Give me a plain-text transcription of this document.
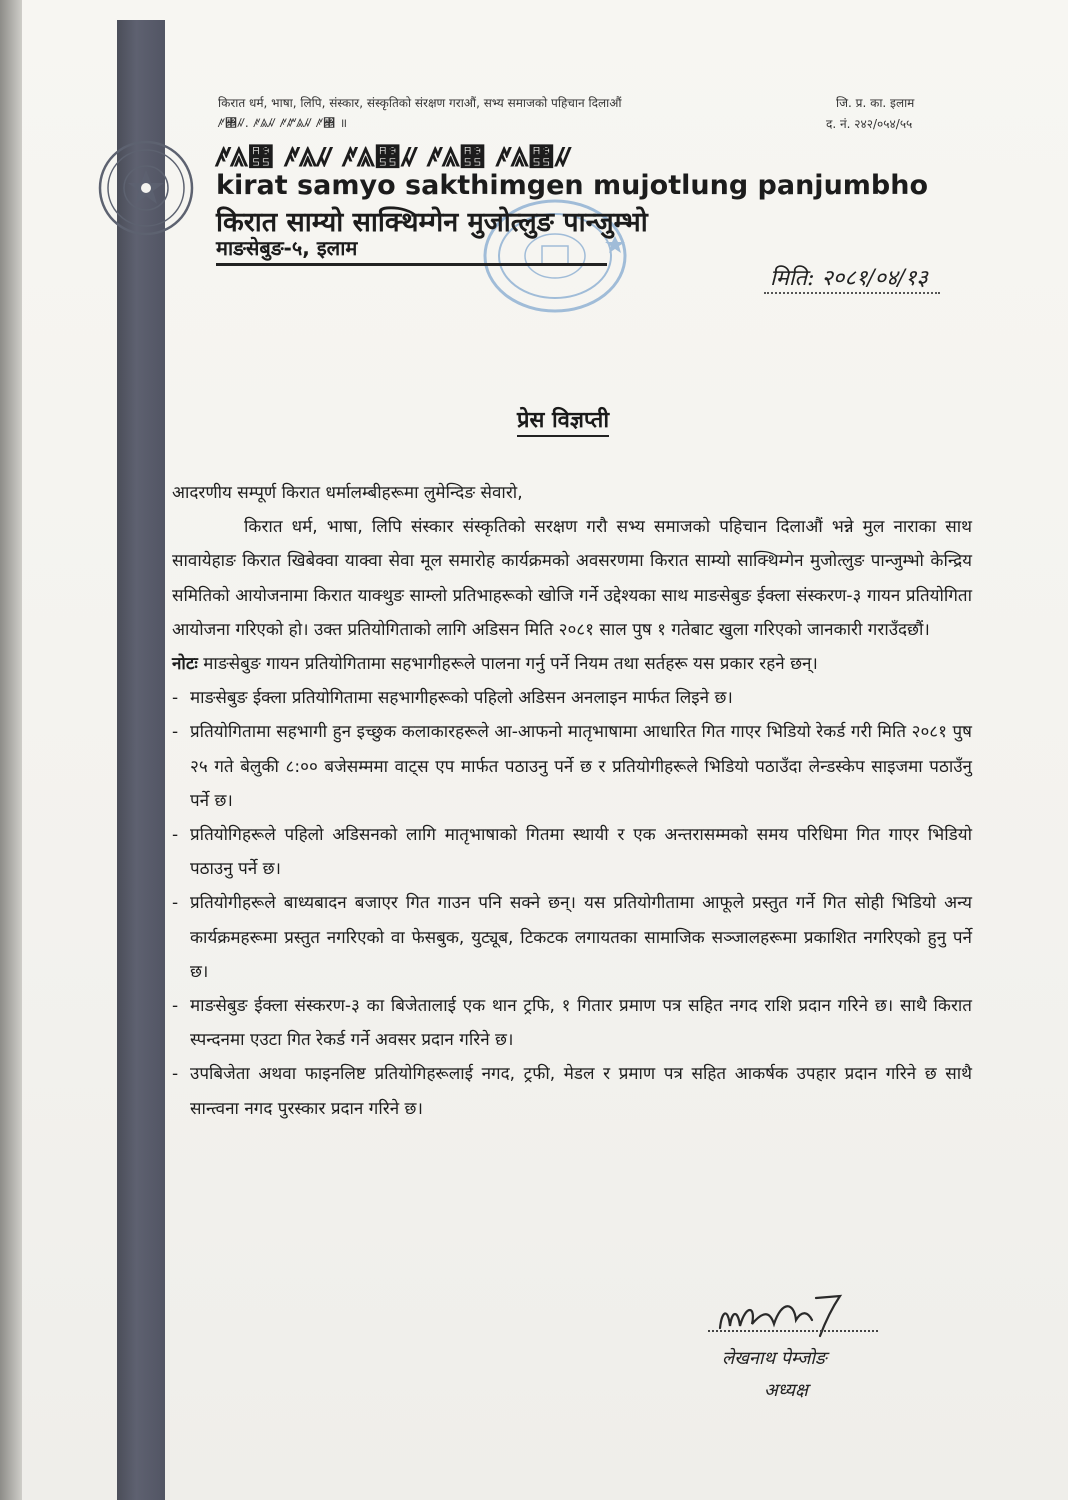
किरात धर्म, भाषा, लिपि, संस्कार, संस्कृतिको संरक्षण गराऔं, सभ्य समाजको पहिचान दिलाऔं
ꥆ꥕ꥂ. ꥆꥃꥂ ꥆꥅꥃꥂ ꥆ꥕ ॥
जि. प्र. का. इलाम
द. नं. २४२/०५४/५५
ꥆꥃ꥕ ꥆꥃꥂ ꥆꥃ꥕ꥂ ꥆꥃ꥕ ꥆꥃ꥕ꥂ
kirat samyo sakthimgen mujotlung panjumbho
किरात साम्यो साक्थिम्गेन मुजोत्लुङ पान्जुम्भो
माङसेबुङ-५, इलाम
मिति: २०८१/०४/१३
प्रेस विज्ञप्ती

आदरणीय सम्पूर्ण किरात धर्मालम्बीहरूमा लुमेन्दिङ सेवारो,

किरात धर्म, भाषा, लिपि संस्कार संस्कृतिको सरक्षण गरौ सभ्य समाजको पहिचान दिलाऔं भन्ने मुल नाराका साथ सावायेहाङ किरात खिबेक्वा याक्वा सेवा मूल समारोह कार्यक्रमको अवसरणमा किरात साम्यो साक्थिम्गेन मुजोत्लुङ पान्जुम्भो केन्द्रिय समितिको आयोजनामा किरात याक्थुङ साम्लो प्रतिभाहरूको खोजि गर्ने उद्देश्यका साथ माङसेबुङ ईक्ला संस्करण-३ गायन प्रतियोगिता आयोजना गरिएको हो। उक्त प्रतियोगिताको लागि अडिसन मिति २०८१ साल पुष १ गतेबाट खुला गरिएको जानकारी गराउँदछौं।

नोटः माङसेबुङ गायन प्रतियोगितामा सहभागीहरूले पालना गर्नु पर्ने नियम तथा सर्तहरू यस प्रकार रहने छन्।

- माङसेबुङ ईक्ला प्रतियोगितामा सहभागीहरूको पहिलो अडिसन अनलाइन मार्फत लिइने छ।
- प्रतियोगितामा सहभागी हुन इच्छुक कलाकारहरूले आ-आफनो मातृभाषामा आधारित गित गाएर भिडियो रेकर्ड गरी मिति २०८१ पुष २५ गते बेलुकी ८:०० बजेसम्ममा वाट्स एप मार्फत पठाउनु पर्ने छ र प्रतियोगीहरूले भिडियो पठाउँदा लेन्डस्केप साइजमा पठाउँनु पर्ने छ।
- प्रतियोगिहरूले पहिलो अडिसनको लागि मातृभाषाको गितमा स्थायी र एक अन्तरासम्मको समय परिधिमा गित गाएर भिडियो पठाउनु पर्ने छ।
- प्रतियोगीहरूले बाध्यबादन बजाएर गित गाउन पनि सक्ने छन्। यस प्रतियोगीतामा आफूले प्रस्तुत गर्ने गित सोही भिडियो अन्य कार्यक्रमहरूमा प्रस्तुत नगरिएको वा फेसबुक, युट्यूब, टिकटक लगायतका सामाजिक सञ्जालहरूमा प्रकाशित नगरिएको हुनु पर्ने छ।
- माङसेबुङ ईक्ला संस्करण-३ का बिजेतालाई एक थान ट्रफि, १ गितार प्रमाण पत्र सहित नगद राशि प्रदान गरिने छ। साथै किरात स्पन्दनमा एउटा गित रेकर्ड गर्ने अवसर प्रदान गरिने छ।
- उपबिजेता अथवा फाइनलिष्ट प्रतियोगिहरूलाई नगद, ट्रफी, मेडल र प्रमाण पत्र सहित आकर्षक उपहार प्रदान गरिने छ साथै सान्त्वना नगद पुरस्कार प्रदान गरिने छ।
लेखनाथ पेम्जोङ
अध्यक्ष
